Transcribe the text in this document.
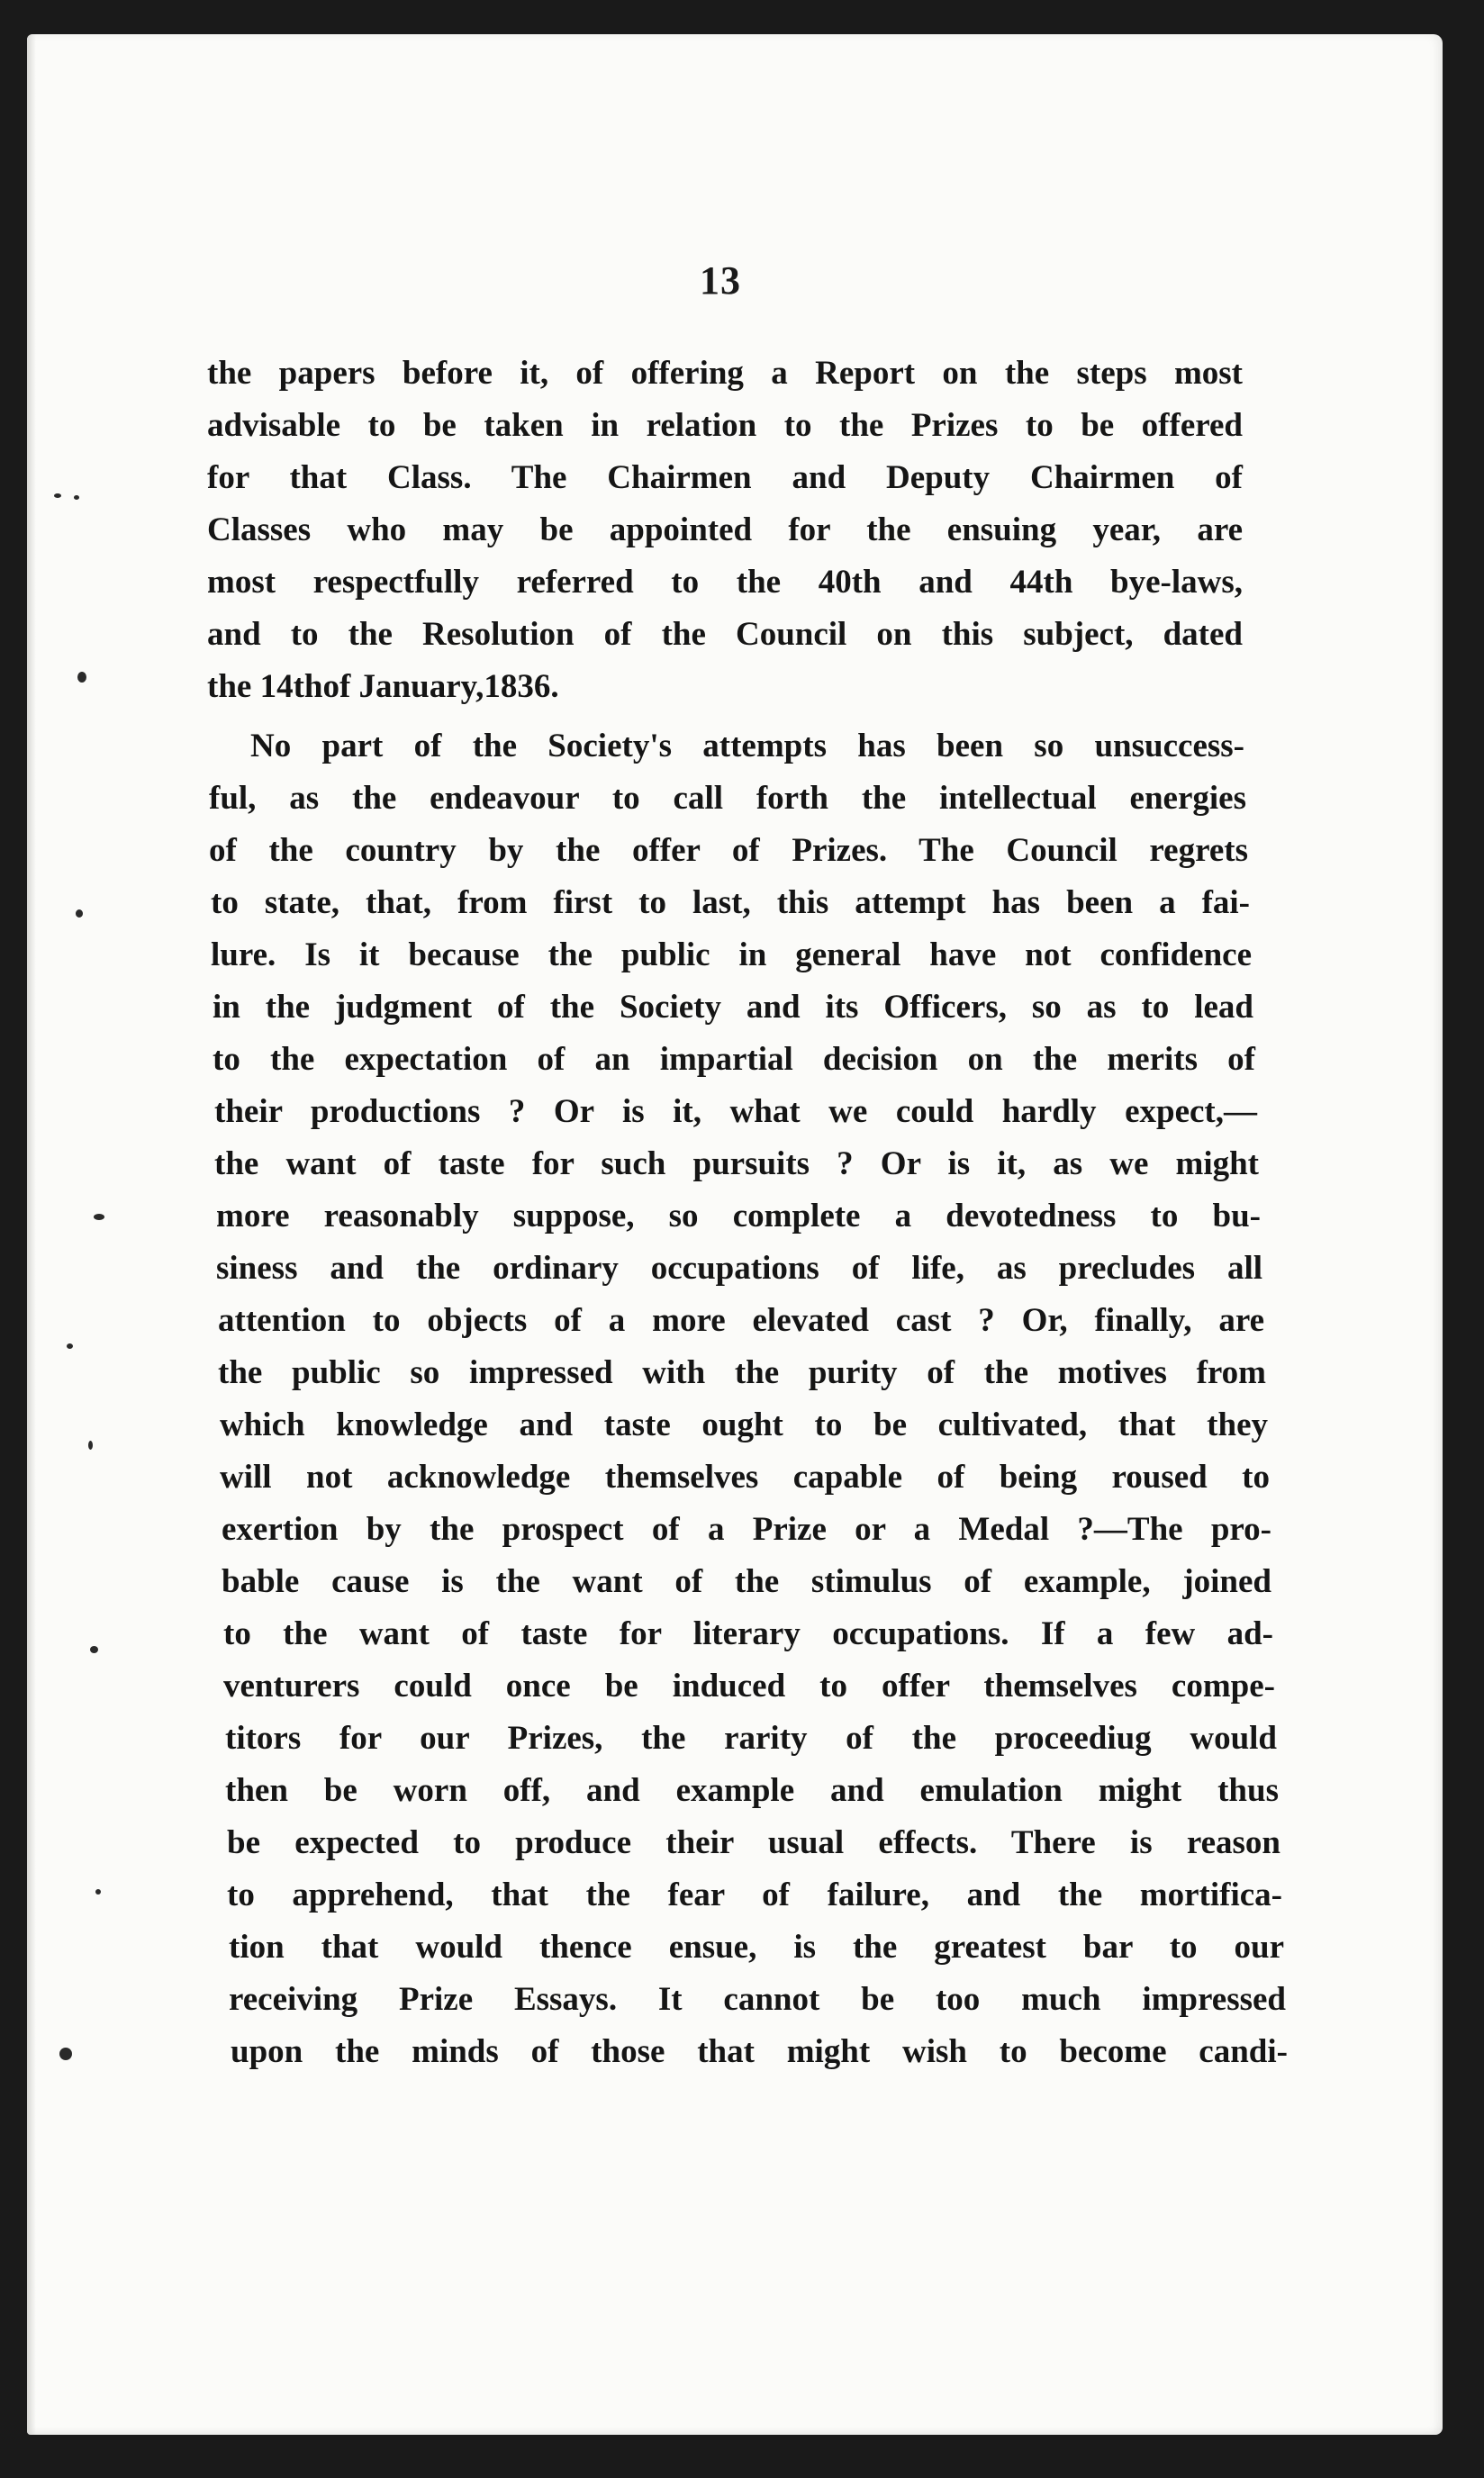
13
the papers before it, of offering a Report on the steps most
advisable to be taken in relation to the Prizes to be offered
for that Class. The Chairmen and Deputy Chairmen of
Classes who may be appointed for the ensuing year, are
most respectfully referred to the 40th and 44th bye-laws,
and to the Resolution of the Council on this subject, dated
the 14thof January,1836.
No part of the Society's attempts has been so unsuccess-
ful, as the endeavour to call forth the intellectual energies
of the country by the offer of Prizes. The Council regrets
to state, that, from first to last, this attempt has been a fai-
lure. Is it because the public in general have not confidence
in the judgment of the Society and its Officers, so as to lead
to the expectation of an impartial decision on the merits of
their productions ? Or is it, what we could hardly expect,—
the want of taste for such pursuits ? Or is it, as we might
more reasonably suppose, so complete a devotedness to bu-
siness and the ordinary occupations of life, as precludes all
attention to objects of a more elevated cast ? Or, finally, are
the public so impressed with the purity of the motives from
which knowledge and taste ought to be cultivated, that they
will not acknowledge themselves capable of being roused to
exertion by the prospect of a Prize or a Medal ?—The pro-
bable cause is the want of the stimulus of example, joined
to the want of taste for literary occupations. If a few ad-
venturers could once be induced to offer themselves compe-
titors for our Prizes, the rarity of the proceediug would
then be worn off, and example and emulation might thus
be expected to produce their usual effects. There is reason
to apprehend, that the fear of failure, and the mortifica-
tion that would thence ensue, is the greatest bar to our
receiving Prize Essays. It cannot be too much impressed
upon the minds of those that might wish to become candi-
